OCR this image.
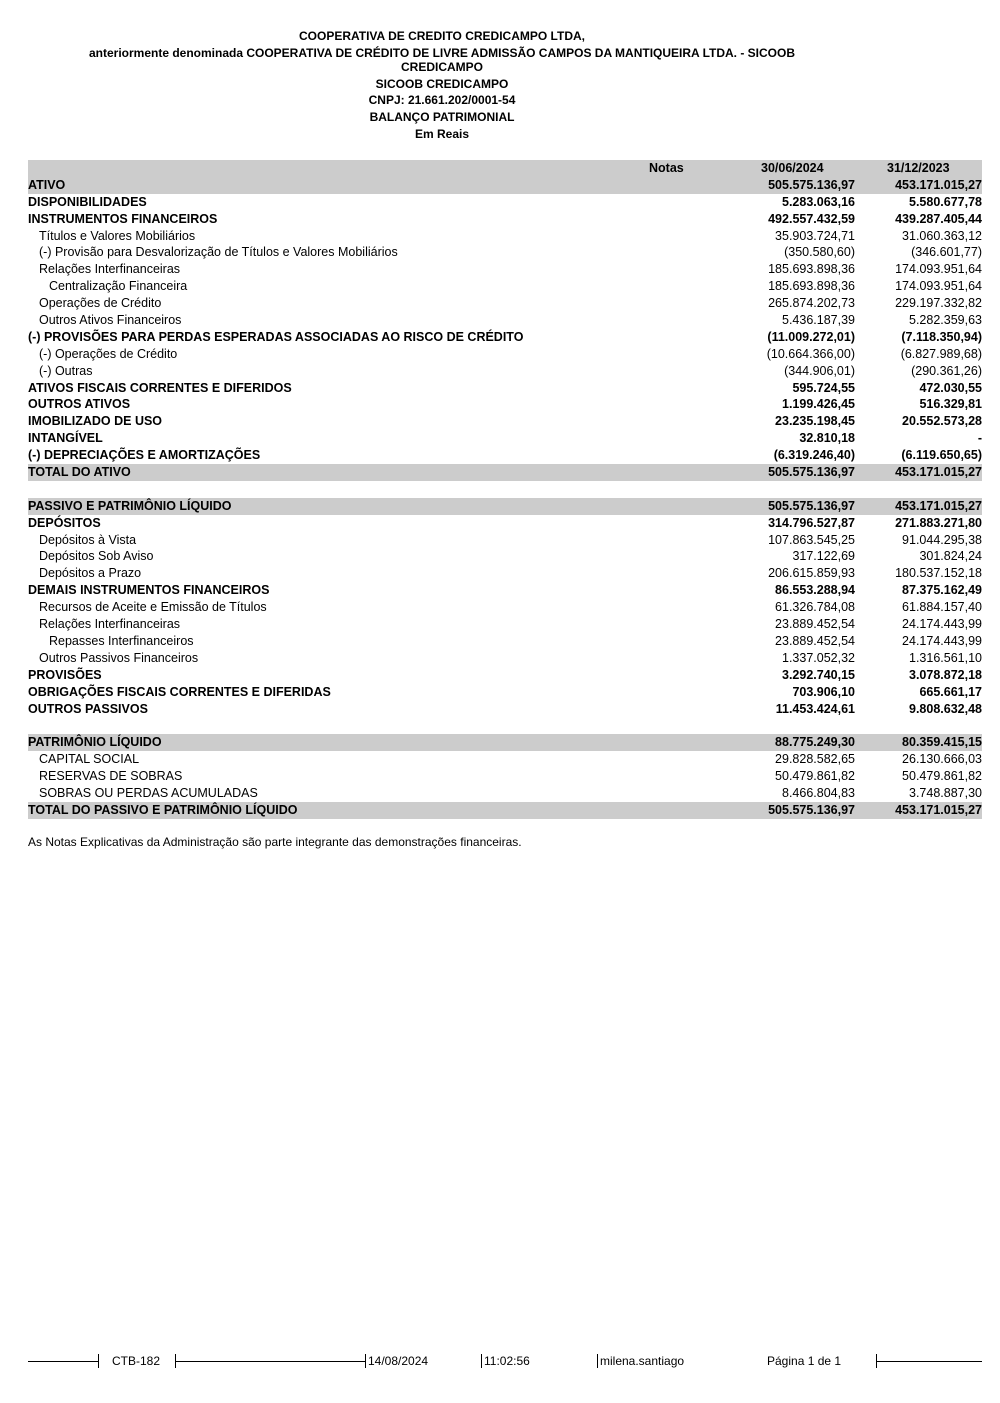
COOPERATIVA DE CREDITO CREDICAMPO LTDA,
anteriormente denominada COOPERATIVA DE CRÉDITO DE LIVRE ADMISSÃO CAMPOS DA MANTIQUEIRA LTDA. - SICOOB
CREDICAMPO
SICOOB CREDICAMPO
CNPJ: 21.661.202/0001-54
BALANÇO PATRIMONIAL
Em Reais
Notas	30/06/2024	31/12/2023
ATIVO	505.575.136,97	453.171.015,27
DISPONIBILIDADES	5.283.063,16	5.580.677,78
INSTRUMENTOS FINANCEIROS	492.557.432,59	439.287.405,44
Títulos e Valores Mobiliários	35.903.724,71	31.060.363,12
(-) Provisão para Desvalorização de Títulos e Valores Mobiliários	(350.580,60)	(346.601,77)
Relações Interfinanceiras	185.693.898,36	174.093.951,64
Centralização Financeira	185.693.898,36	174.093.951,64
Operações de Crédito	265.874.202,73	229.197.332,82
Outros Ativos Financeiros	5.436.187,39	5.282.359,63
(-) PROVISÕES PARA PERDAS ESPERADAS ASSOCIADAS AO RISCO DE CRÉDITO	(11.009.272,01)	(7.118.350,94)
(-) Operações de Crédito	(10.664.366,00)	(6.827.989,68)
(-) Outras	(344.906,01)	(290.361,26)
ATIVOS FISCAIS CORRENTES E DIFERIDOS	595.724,55	472.030,55
OUTROS ATIVOS	1.199.426,45	516.329,81
IMOBILIZADO DE USO	23.235.198,45	20.552.573,28
INTANGÍVEL	32.810,18	-
(-) DEPRECIAÇÕES E AMORTIZAÇÕES	(6.319.246,40)	(6.119.650,65)
TOTAL DO ATIVO	505.575.136,97	453.171.015,27
PASSIVO E PATRIMÔNIO LÍQUIDO	505.575.136,97	453.171.015,27
DEPÓSITOS	314.796.527,87	271.883.271,80
Depósitos à Vista	107.863.545,25	91.044.295,38
Depósitos Sob Aviso	317.122,69	301.824,24
Depósitos a Prazo	206.615.859,93	180.537.152,18
DEMAIS INSTRUMENTOS FINANCEIROS	86.553.288,94	87.375.162,49
Recursos de Aceite e Emissão de Títulos	61.326.784,08	61.884.157,40
Relações Interfinanceiras	23.889.452,54	24.174.443,99
Repasses Interfinanceiros	23.889.452,54	24.174.443,99
Outros Passivos Financeiros	1.337.052,32	1.316.561,10
PROVISÕES	3.292.740,15	3.078.872,18
OBRIGAÇÕES FISCAIS CORRENTES E DIFERIDAS	703.906,10	665.661,17
OUTROS PASSIVOS	11.453.424,61	9.808.632,48
PATRIMÔNIO LÍQUIDO	88.775.249,30	80.359.415,15
CAPITAL SOCIAL	29.828.582,65	26.130.666,03
RESERVAS DE SOBRAS	50.479.861,82	50.479.861,82
SOBRAS OU PERDAS ACUMULADAS	8.466.804,83	3.748.887,30
TOTAL DO PASSIVO E PATRIMÔNIO LÍQUIDO	505.575.136,97	453.171.015,27
As Notas Explicativas da Administração são parte integrante das demonstrações financeiras.
CTB-182	14/08/2024	11:02:56	milena.santiago	Página 1 de 1
